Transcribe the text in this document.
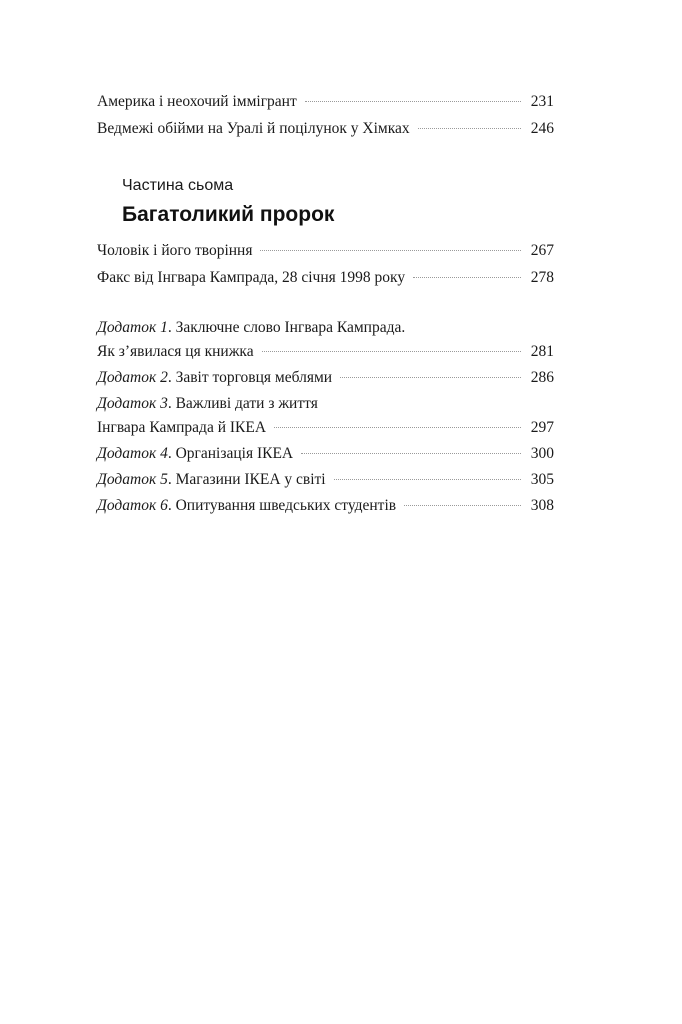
Америка і неохочий іммігрант	231
Ведмежі обійми на Уралі й поцілунок у Хімках	246
Частина сьома
Багатоликий пророк
Чоловік і його творіння	267
Факс від Інгвара Кампрада, 28 січня 1998 року	278
Додаток 1. Заключне слово Інгвара Кампрада.
Як з’явилася ця книжка	281
Додаток 2. Завіт торговця меблями	286
Додаток 3. Важливі дати з життя
Інгвара Кампрада й ІКЕА	297
Додаток 4. Організація ІКЕА	300
Додаток 5. Магазини ІКЕА у світі	305
Додаток 6. Опитування шведських студентів	308
